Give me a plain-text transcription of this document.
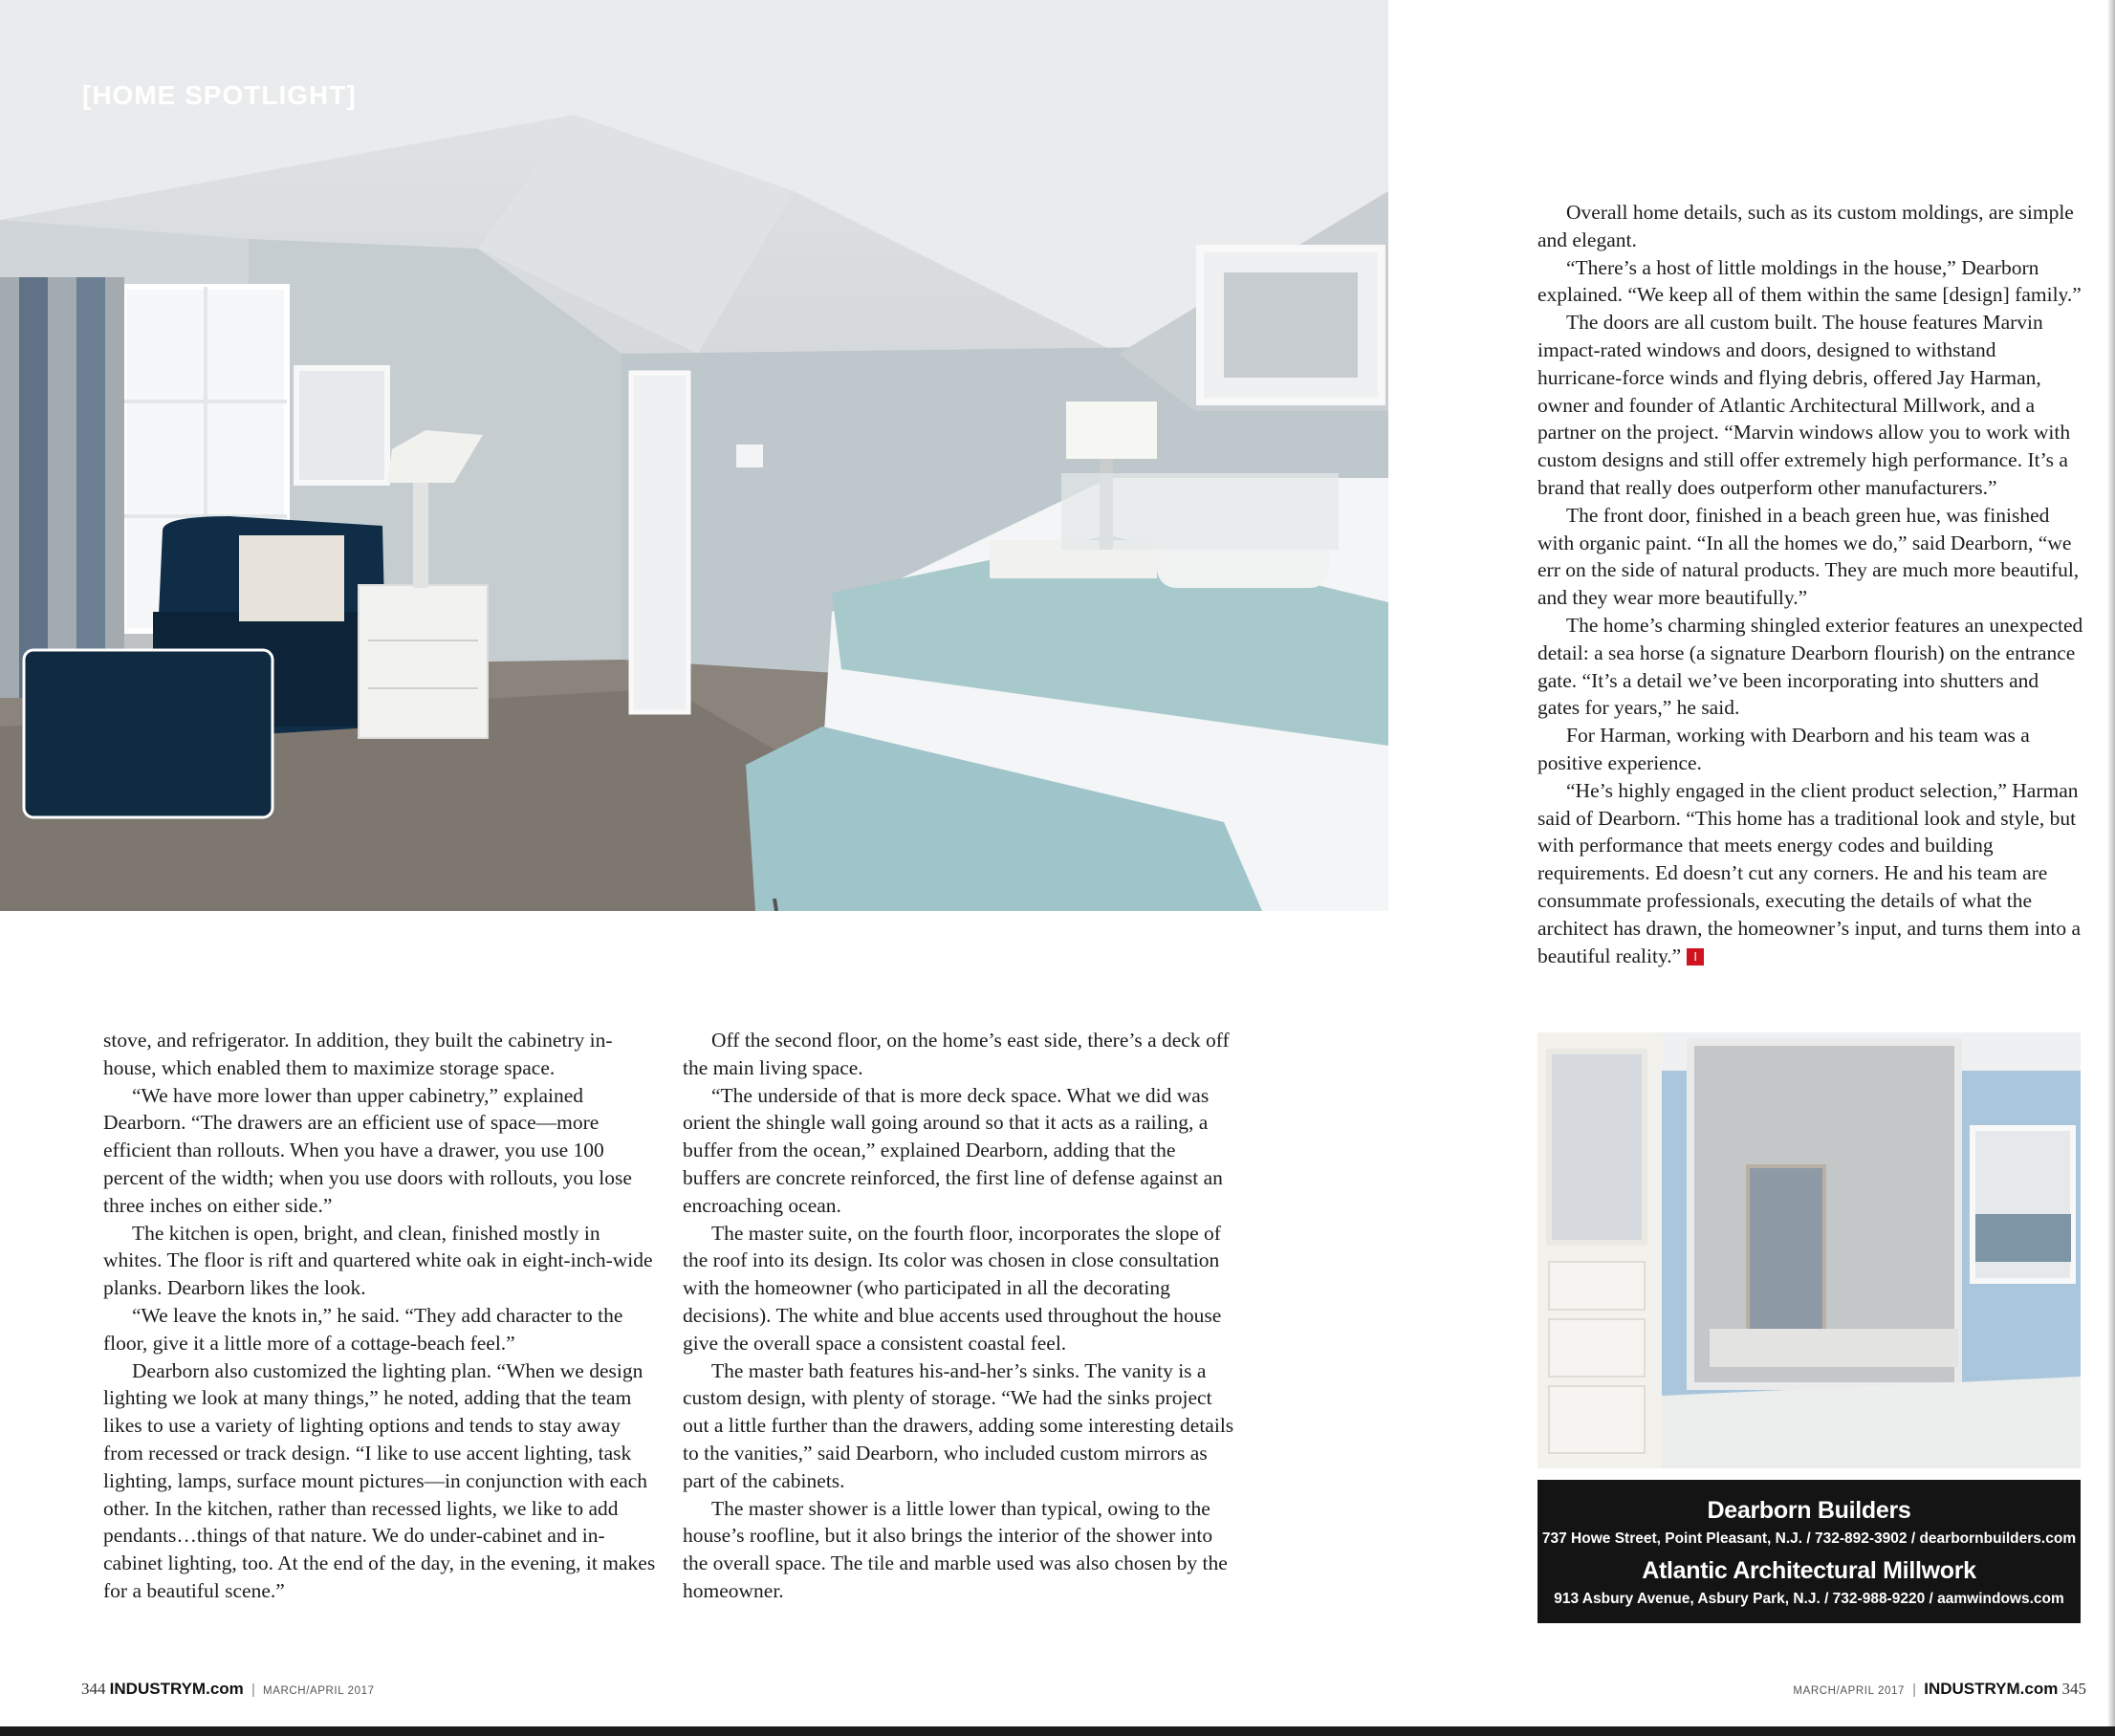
[HOME SPOTLIGHT]

stove, and refrigerator. In addition, they built the cabinetry in-house, which enabled them to maximize storage space.

“We have more lower than upper cabinetry,” explained Dearborn. “The drawers are an efficient use of space—more efficient than rollouts. When you have a drawer, you use 100 percent of the width; when you use doors with rollouts, you lose three inches on either side.”

The kitchen is open, bright, and clean, finished mostly in whites. The floor is rift and quartered white oak in eight-inch-wide planks. Dearborn likes the look.

“We leave the knots in,” he said. “They add character to the floor, give it a little more of a cottage-beach feel.”

Dearborn also customized the lighting plan. “When we design lighting we look at many things,” he noted, adding that the team likes to use a variety of lighting options and tends to stay away from recessed or track design. “I like to use accent lighting, task lighting, lamps, surface mount pictures—in conjunction with each other. In the kitchen, rather than recessed lights, we like to add pendants…things of that nature. We do under-cabinet and in-cabinet lighting, too. At the end of the day, in the evening, it makes for a beautiful scene.”

Off the second floor, on the home’s east side, there’s a deck off the main living space.

“The underside of that is more deck space. What we did was orient the shingle wall going around so that it acts as a railing, a buffer from the ocean,” explained Dearborn, adding that the buffers are concrete reinforced, the first line of defense against an encroaching ocean.

The master suite, on the fourth floor, incorporates the slope of the roof into its design. Its color was chosen in close consultation with the homeowner (who participated in all the decorating decisions). The white and blue accents used throughout the house give the overall space a consistent coastal feel.

The master bath features his-and-her’s sinks. The vanity is a custom design, with plenty of storage. “We had the sinks project out a little further than the drawers, adding some interesting details to the vanities,” said Dearborn, who included custom mirrors as part of the cabinets.

The master shower is a little lower than typical, owing to the house’s roofline, but it also brings the interior of the shower into the overall space. The tile and marble used was also chosen by the homeowner.

Overall home details, such as its custom moldings, are simple and elegant.

“There’s a host of little moldings in the house,” Dearborn explained. “We keep all of them within the same [design] family.”

The doors are all custom built. The house features Marvin impact-rated windows and doors, designed to withstand hurricane-force winds and flying debris, offered Jay Harman, owner and founder of Atlantic Architectural Millwork, and a partner on the project. “Marvin windows allow you to work with custom designs and still offer extremely high performance. It’s a brand that really does outperform other manufacturers.”

The front door, finished in a beach green hue, was finished with organic paint. “In all the homes we do,” said Dearborn, “we err on the side of natural products. They are much more beautiful, and they wear more beautifully.”

The home’s charming shingled exterior features an unexpected detail: a sea horse (a signature Dearborn flourish) on the entrance gate. “It’s a detail we’ve been incorporating into shutters and gates for years,” he said.

For Harman, working with Dearborn and his team was a positive experience.

“He’s highly engaged in the client product selection,” Harman said of Dearborn. “This home has a traditional look and style, but with performance that meets energy codes and building requirements. Ed doesn’t cut any corners. He and his team are consummate professionals, executing the details of what the architect has drawn, the homeowner’s input, and turns them into a beautiful reality.” I

Dearborn Builders
737 Howe Street, Point Pleasant, N.J. / 732-892-3902 / dearbornbuilders.com
Atlantic Architectural Millwork
913 Asbury Avenue, Asbury Park, N.J. / 732-988-9220 / aamwindows.com
344 INDUSTRYM.com | MARCH/APRIL 2017	MARCH/APRIL 2017 | INDUSTRYM.com 345
